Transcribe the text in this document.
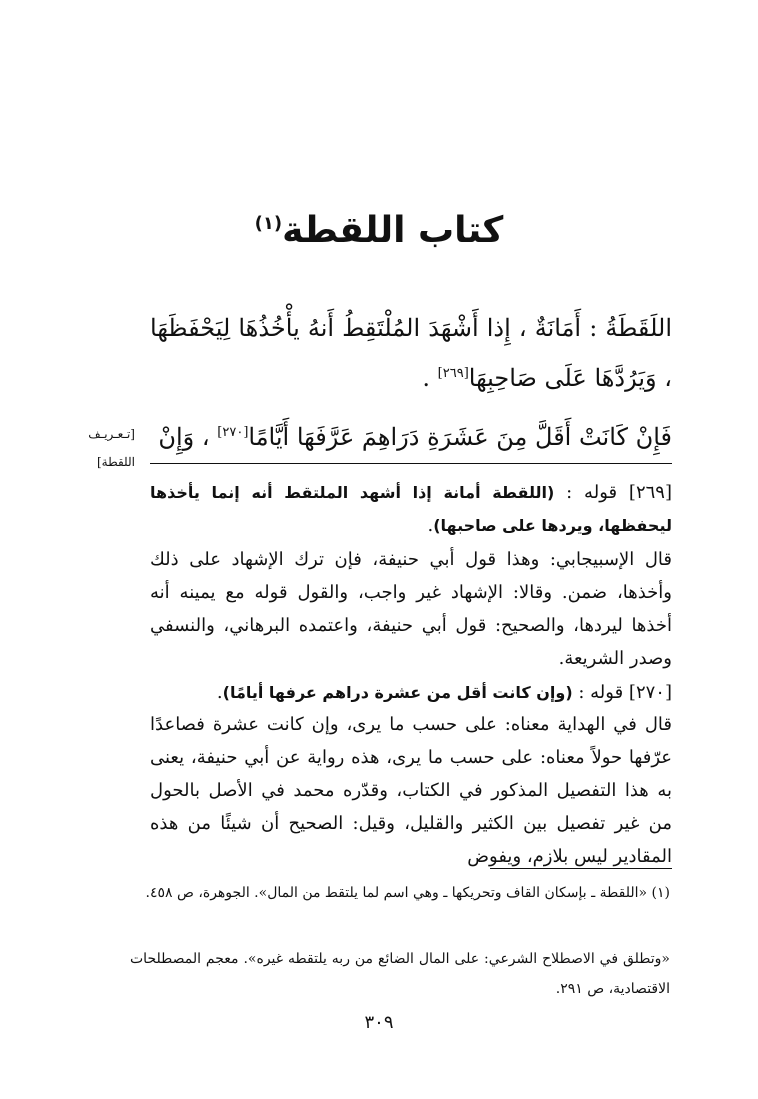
كتاب اللقطة$^{(١)}$
اللَقَطَةُ : أَمَانَةٌ ، إِذا أَشْهَدَ المُلْتَقِطُ أَنهُ يأْخُذُهَا لِيَحْفَظَهَا ، وَيَرُدَّهَا عَلَى صَاحِبِهَا[٢٦٩] .
فَإِنْ كَانَتْ أَقَلَّ مِنَ عَشَرَةِ دَرَاهِمَ عَرَّفَهَا أَيَّامًا[٢٧٠] ، وَإِنْ
[تـعـريـف
اللقطة]
[٢٦٩] قوله : (اللقطة أمانة إذا أشهد الملتقط أنه إنما يأخذها ليحفظها، ويردها على صاحبها).
قال الإسبيجابي: وهذا قول أبي حنيفة، فإن ترك الإشهاد على ذلك وأخذها، ضمن. وقالا: الإشهاد غير واجب، والقول قوله مع يمينه أنه أخذها ليردها، والصحيح: قول أبي حنيفة، واعتمده البرهاني، والنسفي وصدر الشريعة.
[٢٧٠] قوله : (وإن كانت أقل من عشرة دراهم عرفها أيامًا).
قال في الهداية معناه: على حسب ما يرى، وإن كانت عشرة فصاعدًا عرّفها حولاً معناه: على حسب ما يرى، هذه رواية عن أبي حنيفة، يعنى به هذا التفصيل المذكور في الكتاب، وقدّره محمد في الأصل بالحول من غير تفصيل بين الكثير والقليل، وقيل: الصحيح أن شيئًا من هذه المقادير ليس بلازم، ويفوض
(١) «اللقطة ـ بإسكان القاف وتحريكها ـ وهي اسم لما يلتقط من المال». الجوهرة، ص ٤٥٨.
«وتطلق في الاصطلاح الشرعي: على المال الضائع من ربه يلتقطه غيره». معجم المصطلحات الاقتصادية، ص ٢٩١.
٣٠٩
